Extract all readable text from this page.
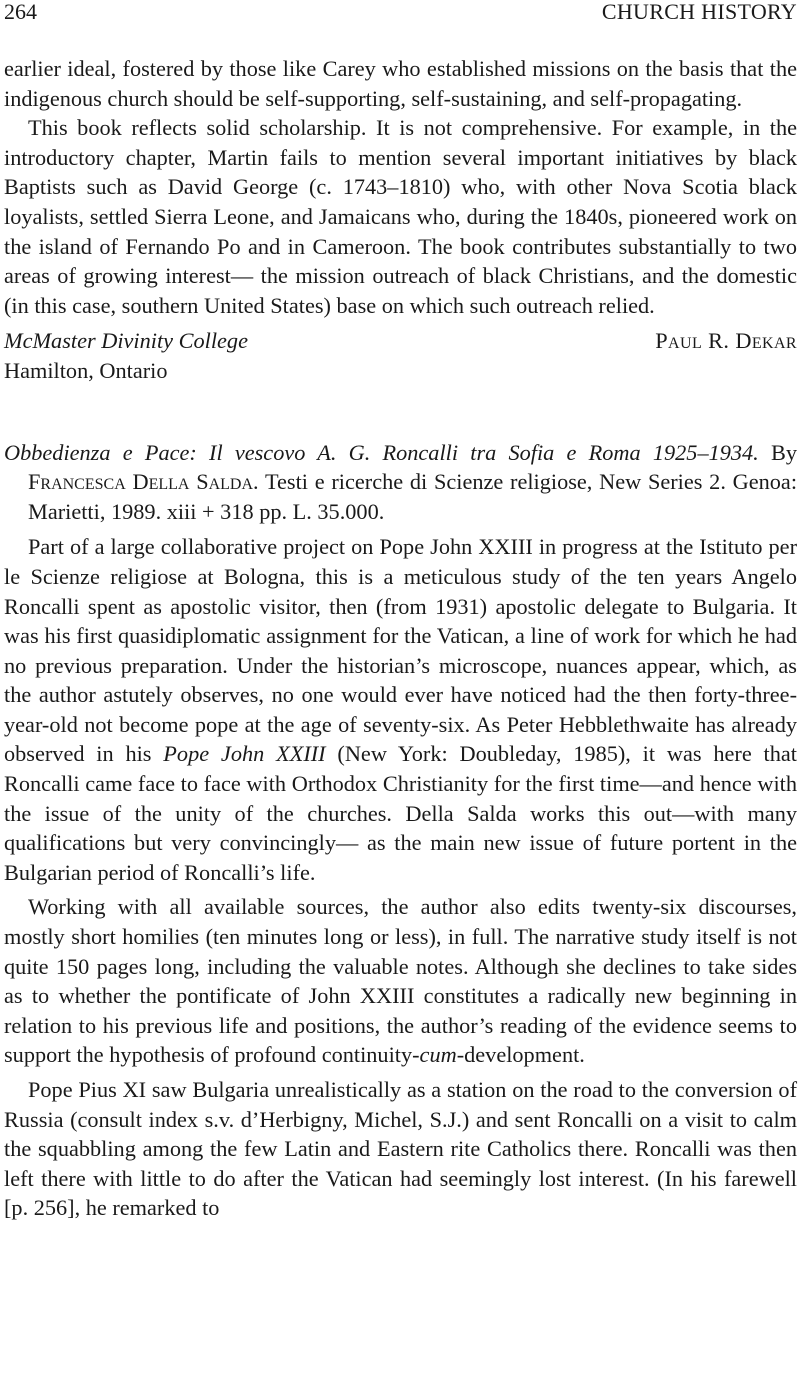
264	CHURCH HISTORY

earlier ideal, fostered by those like Carey who established missions on the basis that the indigenous church should be self-supporting, self-sustaining, and self-propagating.

This book reflects solid scholarship. It is not comprehensive. For example, in the introductory chapter, Martin fails to mention several important initiatives by black Baptists such as David George (c. 1743–1810) who, with other Nova Scotia black loyalists, settled Sierra Leone, and Jamaicans who, during the 1840s, pioneered work on the island of Fernando Po and in Cameroon. The book contributes substantially to two areas of growing interest— the mission outreach of black Christians, and the domestic (in this case, southern United States) base on which such outreach relied.

McMaster Divinity College	Paul R. Dekar
Hamilton, Ontario
Obbedienza e Pace: Il vescovo A. G. Roncalli tra Sofia e Roma 1925–1934. By Francesca Della Salda. Testi e ricerche di Scienze religiose, New Series 2. Genoa: Marietti, 1989. xiii + 318 pp. L. 35.000.

Part of a large collaborative project on Pope John XXIII in progress at the Istituto per le Scienze religiose at Bologna, this is a meticulous study of the ten years Angelo Roncalli spent as apostolic visitor, then (from 1931) apostolic delegate to Bulgaria. It was his first quasidiplomatic assignment for the Vatican, a line of work for which he had no previous preparation. Under the historian’s microscope, nuances appear, which, as the author astutely observes, no one would ever have noticed had the then forty-three-year-old not become pope at the age of seventy-six. As Peter Hebblethwaite has already observed in his Pope John XXIII (New York: Doubleday, 1985), it was here that Roncalli came face to face with Orthodox Christianity for the first time—and hence with the issue of the unity of the churches. Della Salda works this out—with many qualifications but very convincingly— as the main new issue of future portent in the Bulgarian period of Roncalli’s life.

Working with all available sources, the author also edits twenty-six discourses, mostly short homilies (ten minutes long or less), in full. The narrative study itself is not quite 150 pages long, including the valuable notes. Although she declines to take sides as to whether the pontificate of John XXIII constitutes a radically new beginning in relation to his previous life and positions, the author’s reading of the evidence seems to support the hypothesis of profound continuity-cum-development.

Pope Pius XI saw Bulgaria unrealistically as a station on the road to the conversion of Russia (consult index s.v. d’Herbigny, Michel, S.J.) and sent Roncalli on a visit to calm the squabbling among the few Latin and Eastern rite Catholics there. Roncalli was then left there with little to do after the Vatican had seemingly lost interest. (In his farewell [p. 256], he remarked to
